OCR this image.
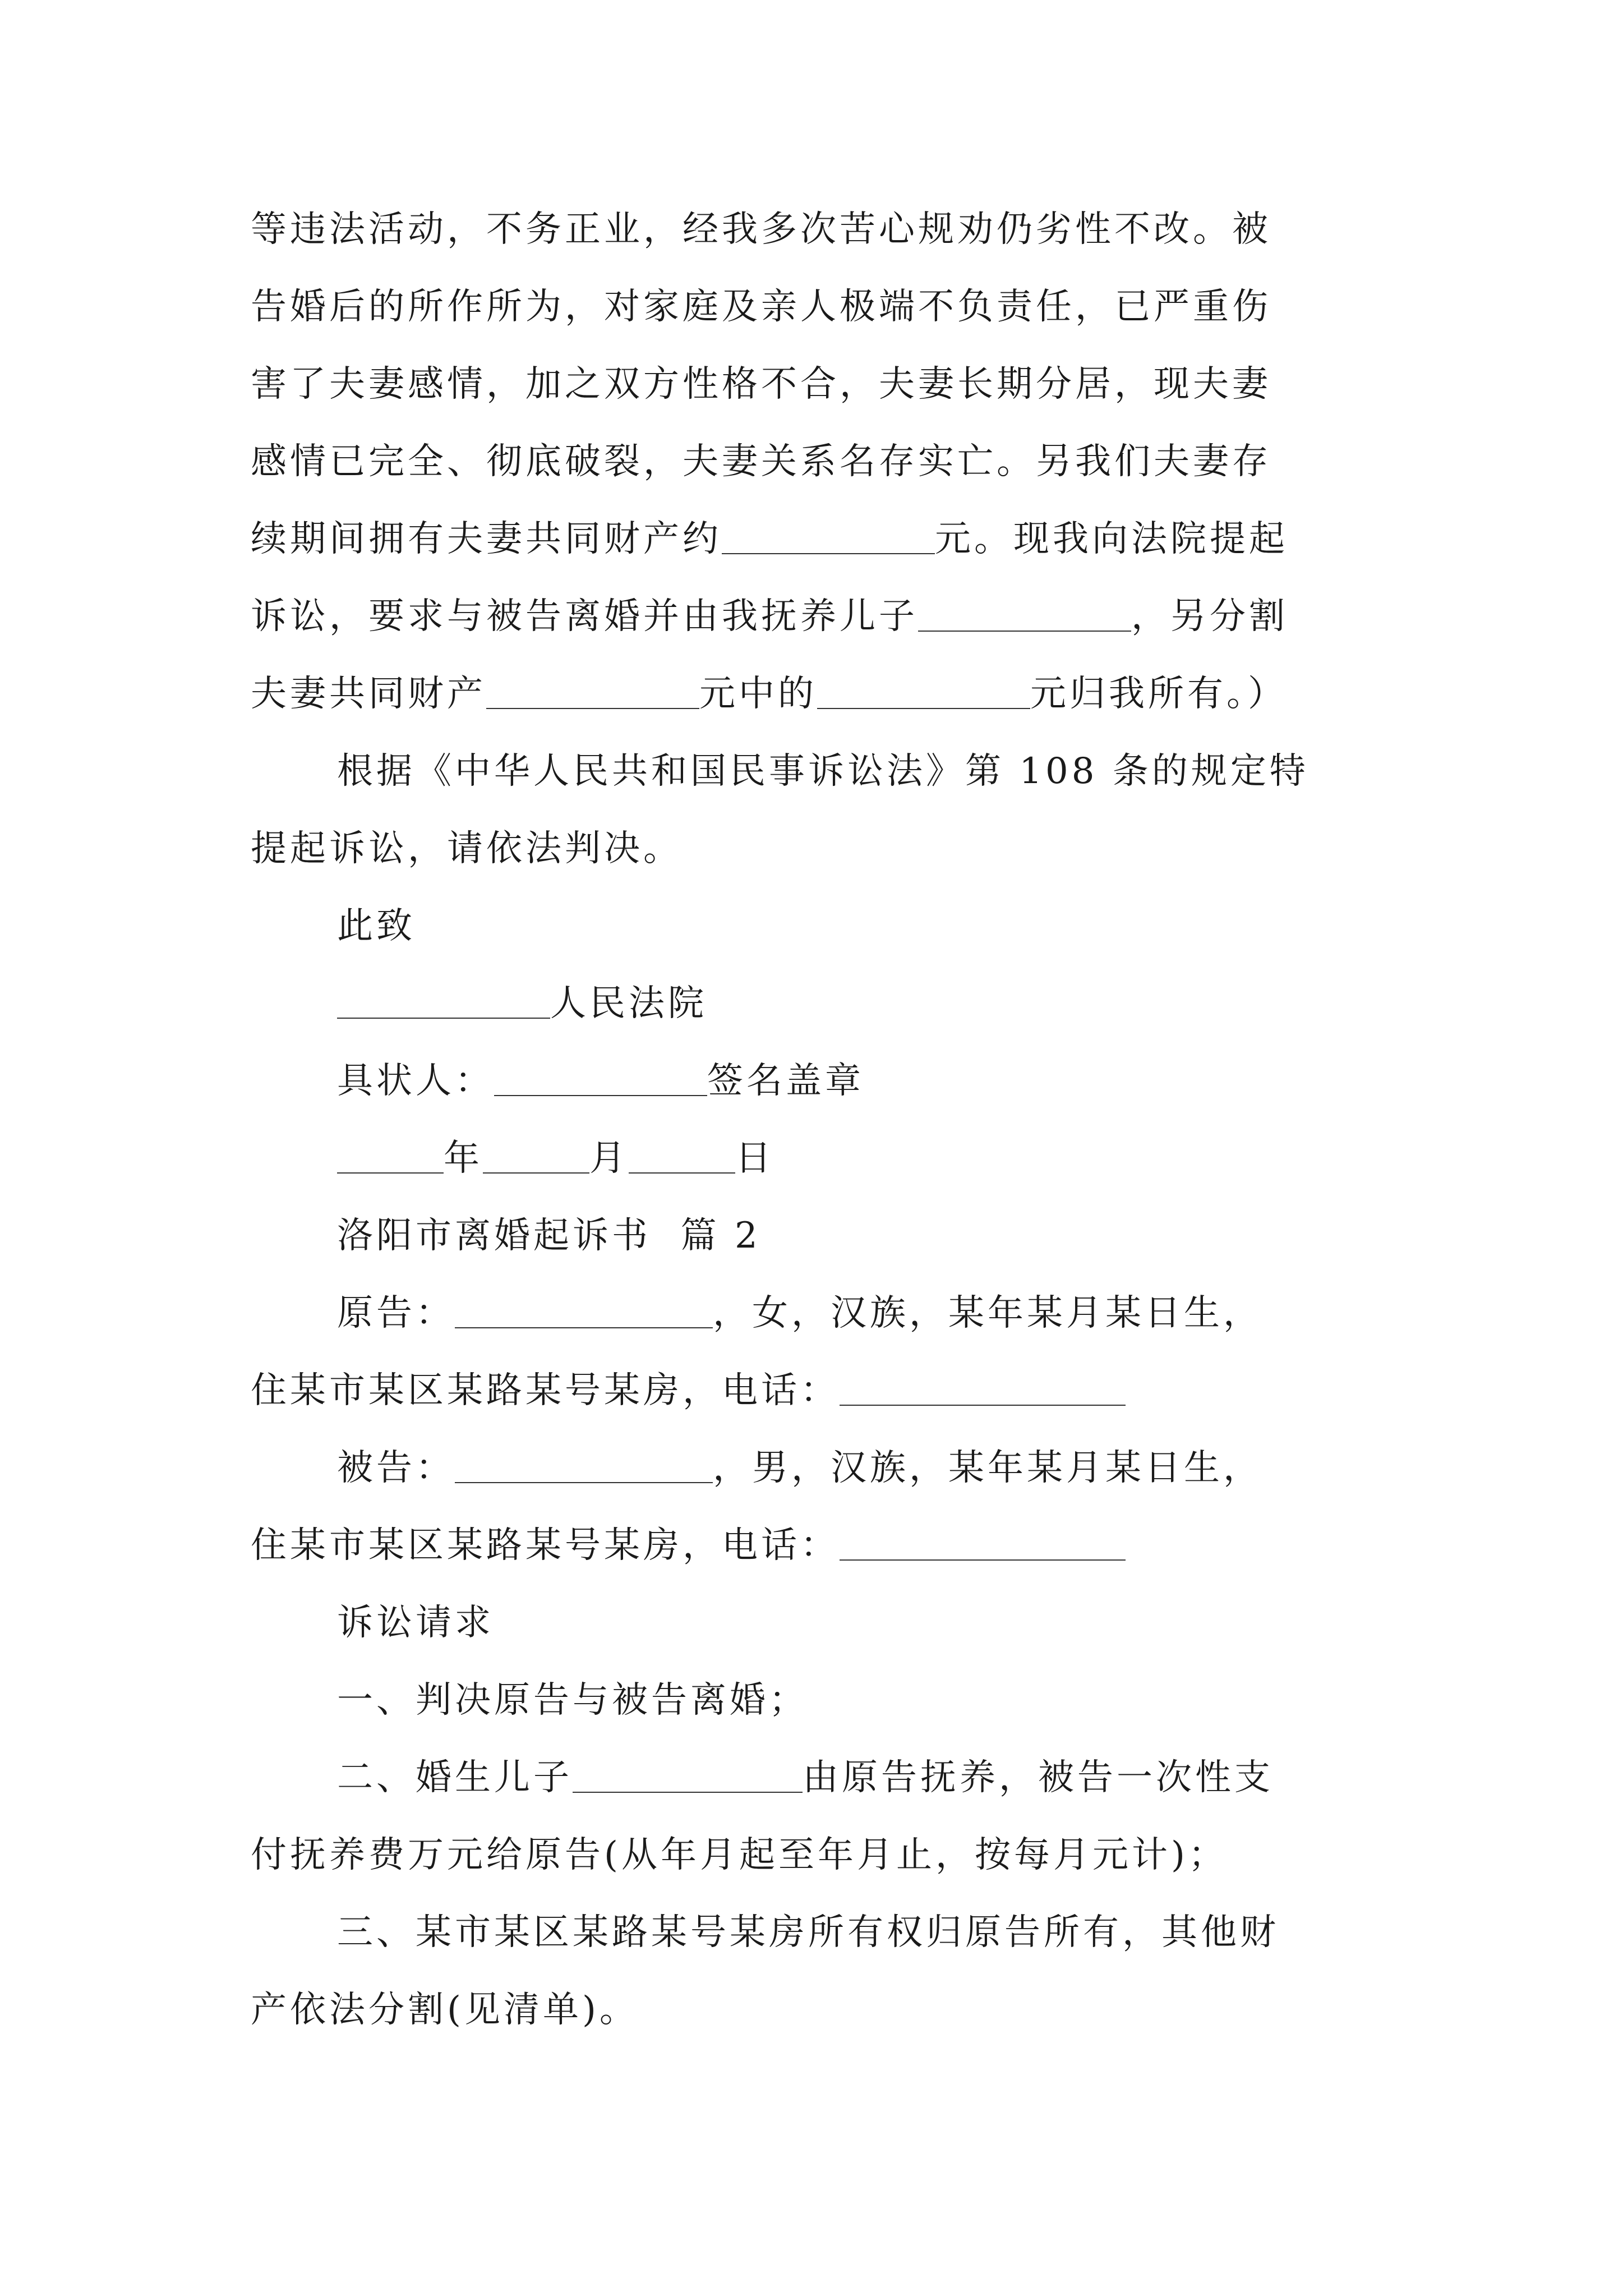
等违法活动，不务正业，经我多次苦心规劝仍劣性不改。被
告婚后的所作所为，对家庭及亲人极端不负责任，已严重伤
害了夫妻感情，加之双方性格不合，夫妻长期分居，现夫妻
感情已完全、彻底破裂，夫妻关系名存实亡。另我们夫妻存
续期间拥有夫妻共同财产约	元。现我向法院提起
诉讼，要求与被告离婚并由我抚养儿子	，另分割
夫妻共同财产	元中的	元归我所有。）
根据《中华人民共和国民事诉讼法》第 108 条的规定特
提起诉讼，请依法判决。
此致
人民法院
具状人：	签名盖章
年	月	日
洛阳市离婚起诉书  篇 2
原告：	，女，汉族，某年某月某日生，
住某市某区某路某号某房，电话：
被告：	，男，汉族，某年某月某日生，
住某市某区某路某号某房，电话：
诉讼请求
一、判决原告与被告离婚；
二、婚生儿子	由原告抚养，被告一次性支
付抚养费万元给原告(从年月起至年月止，按每月元计)；
三、某市某区某路某号某房所有权归原告所有，其他财
产依法分割(见清单)。
